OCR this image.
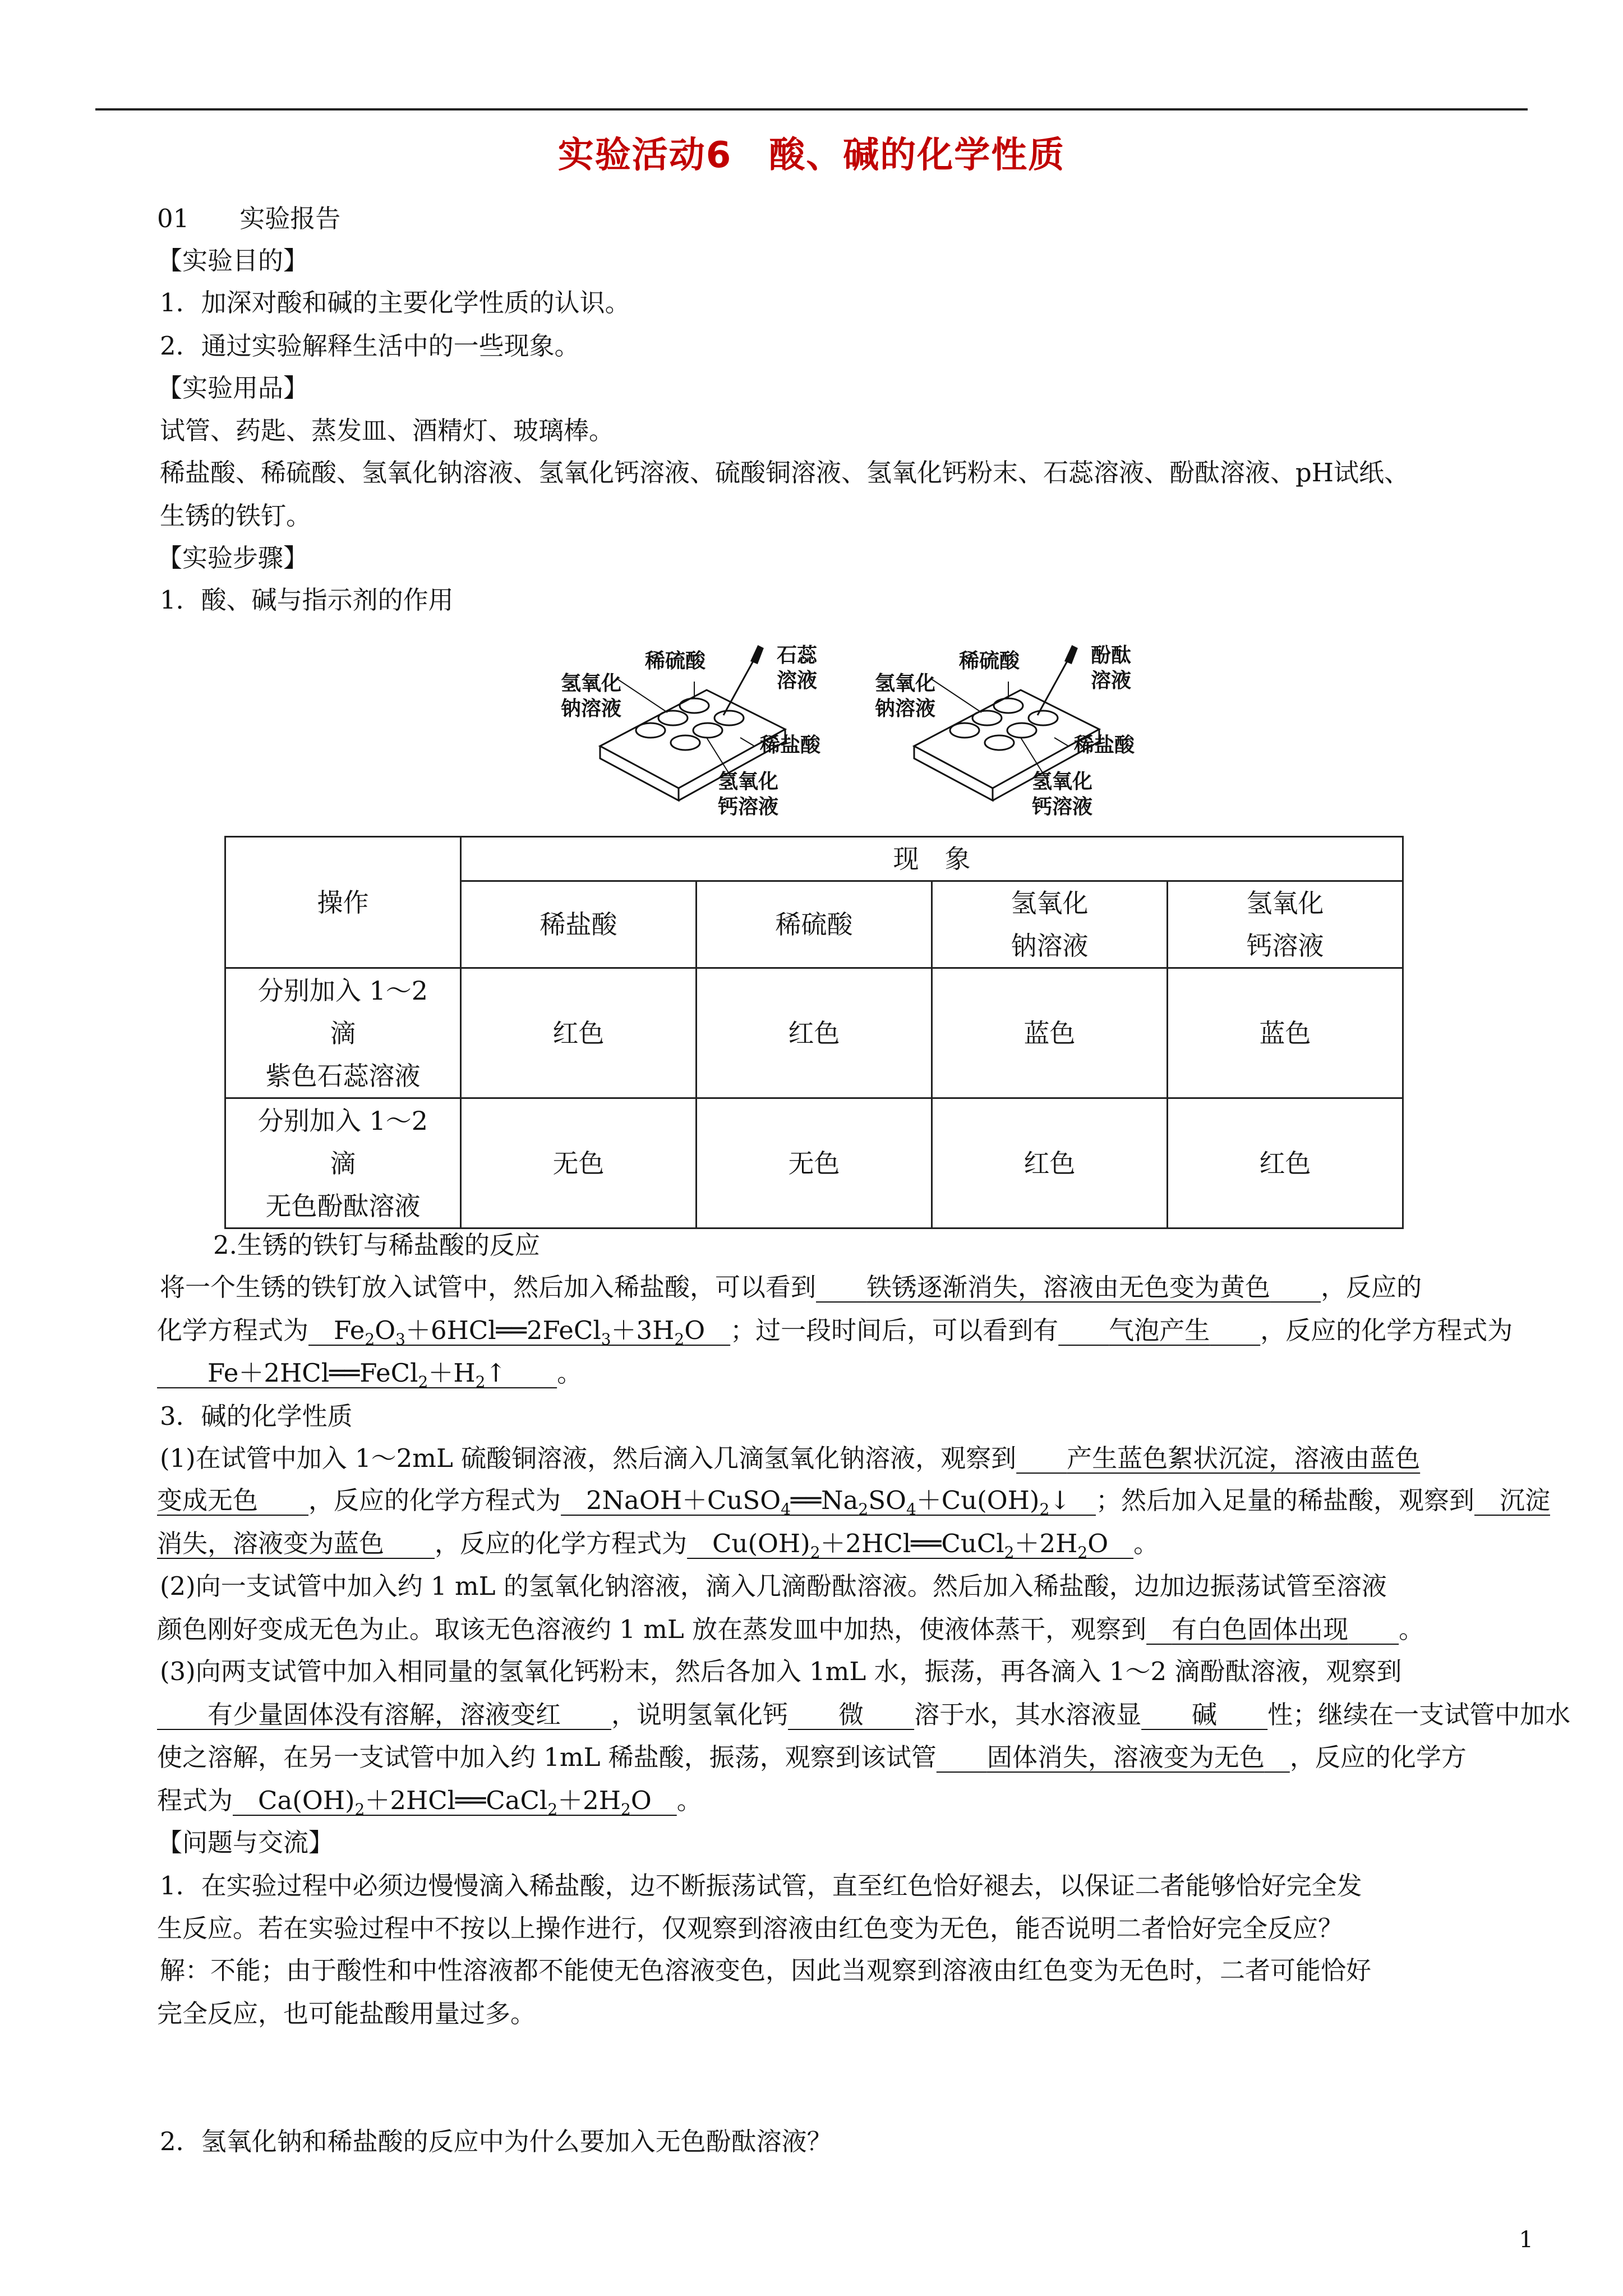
实验活动6　酸、碱的化学性质
01　　实验报告
【实验目的】
1．加深对酸和碱的主要化学性质的认识。
2．通过实验解释生活中的一些现象。
【实验用品】
试管、药匙、蒸发皿、酒精灯、玻璃棒。
稀盐酸、稀硫酸、氢氧化钠溶液、氢氧化钙溶液、硫酸铜溶液、氢氧化钙粉末、石蕊溶液、酚酞溶液、pH试纸、
生锈的铁钉。
【实验步骤】
1．酸、碱与指示剂的作用
稀硫酸	石蕊
溶液
氢氧化
钠溶液
稀盐酸
氢氧化
钙溶液
稀硫酸	酚酞
溶液
氢氧化
钠溶液
稀盐酸
氢氧化
钙溶液
操作	现　象			
	稀盐酸	稀硫酸	氢氧化
钠溶液	氢氧化
钙溶液
分别加入 1～2
滴
紫色石蕊溶液	红色	红色	蓝色	蓝色
分别加入 1～2
滴
无色酚酞溶液	无色	无色	红色	红色
2.生锈的铁钉与稀盐酸的反应
将一个生锈的铁钉放入试管中，然后加入稀盐酸，可以看到　　 铁锈逐渐消失，溶液由无色变为黄色　　 ，反应的
化学方程式为　$Fe_2O_3+6HCl══2FeCl_3+3H_2O$　；过一段时间后，可以看到有　　 气泡产生　　 ，反应的化学方程式为
　　$Fe+2HCl══FeCl_2+H_2↑$　　。
3．碱的化学性质
(1)在试管中加入 1～2mL 硫酸铜溶液，然后滴入几滴氢氧化钠溶液，观察到　　 产生蓝色絮状沉淀，溶液由蓝色
变成无色　　 ，反应的化学方程式为　$2NaOH+CuSO_4══Na_2SO_4+Cu(OH)_2↓$　；然后加入足量的稀盐酸，观察到　 沉淀
消失，溶液变为蓝色　　 ，反应的化学方程式为　$Cu(OH)_2+2HCl══CuCl_2+2H_2O$　。
(2)向一支试管中加入约 1 mL 的氢氧化钠溶液，滴入几滴酚酞溶液。然后加入稀盐酸，边加边振荡试管至溶液
颜色刚好变成无色为止。取该无色溶液约 1 mL 放在蒸发皿中加热，使液体蒸干，观察到　 有白色固体出现　　 。
(3)向两支试管中加入相同量的氢氧化钙粉末，然后各加入 1mL 水，振荡，再各滴入 1～2 滴酚酞溶液，观察到
　　有少量固体没有溶解，溶液变红　　 ，说明氢氧化钙　　 微　　 溶于水，其水溶液显　　 碱　　 性；继续在一支试管中加水
使之溶解，在另一支试管中加入约 1mL 稀盐酸，振荡，观察到该试管　　 固体消失，溶液变为无色　 ，反应的化学方
程式为　$Ca(OH)_2+2HCl══CaCl_2+2H_2O$　。
【问题与交流】
1．在实验过程中必须边慢慢滴入稀盐酸，边不断振荡试管，直至红色恰好褪去，以保证二者能够恰好完全发
生反应。若在实验过程中不按以上操作进行，仅观察到溶液由红色变为无色，能否说明二者恰好完全反应？
解：不能；由于酸性和中性溶液都不能使无色溶液变色，因此当观察到溶液由红色变为无色时，二者可能恰好
完全反应，也可能盐酸用量过多。
2．氢氧化钠和稀盐酸的反应中为什么要加入无色酚酞溶液？
1
